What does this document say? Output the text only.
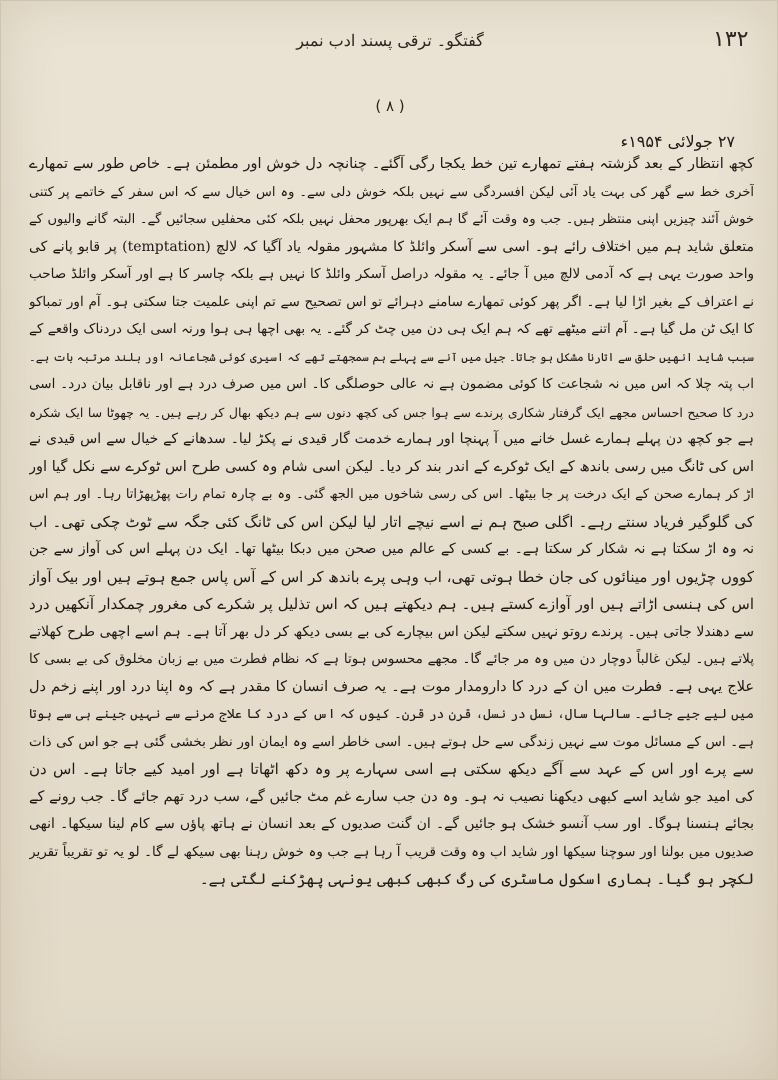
۱۳۲
گفتگو۔ ترقی پسند ادب نمبر
( ۸ )
۲۷ جولائی ۱۹۵۴ء
کچھ انتظار کے بعد گزشتہ ہفتے تمھارے تین خط یکجا رگی آگئے۔ چنانچہ دل خوش اور مطمئن ہے۔ خاص طور سے تمھارے
آخری خط سے گھر کی بہت یاد آئی لیکن افسردگی سے نہیں بلکہ خوش دلی سے۔ وہ اس خیال سے کہ اس سفر کے خاتمے پر کتنی
خوش آئند چیزیں اپنی منتظر ہیں۔ جب وہ وقت آئے گا ہم ایک بھرپور محفل نہیں بلکہ کئی محفلیں سجائیں گے۔ البتہ گانے والیوں کے
متعلق شاید ہم میں اختلاف رائے ہو۔ اسی سے آسکر وائلڈ کا مشہور مقولہ یاد آگیا کہ لالچ (temptation) پر قابو پانے کی
واحد صورت یہی ہے کہ آدمی لالچ میں آ جائے۔ یہ مقولہ دراصل آسکر وائلڈ کا نہیں ہے بلکہ چاسر کا ہے اور آسکر وائلڈ صاحب
نے اعتراف کے بغیر اڑا لیا ہے۔ اگر پھر کوئی تمھارے سامنے دہرائے تو اس تصحیح سے تم اپنی علمیت جتا سکتی ہو۔ آم اور تمباکو
کا ایک ٹن مل گیا ہے۔ آم اتنے میٹھے تھے کہ ہم ایک ہی دن میں چٹ کر گئے۔ یہ بھی اچھا ہی ہوا ورنہ اسی ایک دردناک واقعے کے
سبب شاید انھیں حلق سے اتارنا مشکل ہو جاتا۔ جیل میں آنے سے پہلے ہم سمجھتے تھے کہ اسیری کوئی شجاعانہ اور بلند مرتبہ بات ہے۔
اب پتہ چلا کہ اس میں نہ شجاعت کا کوئی مضمون ہے نہ عالی حوصلگی کا۔ اس میں صرف درد ہے اور ناقابل بیان درد۔ اسی
درد کا صحیح احساس مجھے ایک گرفتار شکاری پرندے سے ہوا جس کی کچھ دنوں سے ہم دیکھ بھال کر رہے ہیں۔ یہ چھوٹا سا ایک شکرہ
ہے جو کچھ دن پہلے ہمارے غسل خانے میں آ پہنچا اور ہمارے خدمت گار قیدی نے پکڑ لیا۔ سدھانے کے خیال سے اس قیدی نے
اس کی ٹانگ میں رسی باندھ کے ایک ٹوکرے کے اندر بند کر دیا۔ لیکن اسی شام وہ کسی طرح اس ٹوکرے سے نکل گیا اور
اڑ کر ہمارے صحن کے ایک درخت پر جا بیٹھا۔ اس کی رسی شاخوں میں الجھ گئی۔ وہ بے چارہ تمام رات پھڑپھڑاتا رہا۔ اور ہم اس
کی گلوگیر فریاد سنتے رہے۔ اگلی صبح ہم نے اسے نیچے اتار لیا لیکن اس کی ٹانگ کئی جگہ سے ٹوٹ چکی تھی۔ اب
نہ وہ اڑ سکتا ہے نہ شکار کر سکتا ہے۔ بے کسی کے عالم میں صحن میں دبکا بیٹھا تھا۔ ایک دن پہلے اس کی آواز سے جن
کووں چڑیوں اور مینائوں کی جان خطا ہوتی تھی، اب وہی پرے باندھ کر اس کے آس پاس جمع ہوتے ہیں اور بیک آواز
اس کی ہنسی اڑاتے ہیں اور آوازے کستے ہیں۔ ہم دیکھتے ہیں کہ اس تذلیل پر شکرے کی مغرور چمکدار آنکھیں درد
سے دھندلا جاتی ہیں۔ پرندے روتو نہیں سکتے لیکن اس بیچارے کی بے بسی دیکھ کر دل بھر آتا ہے۔ ہم اسے اچھی طرح کھلاتے
پلاتے ہیں۔ لیکن غالباً دوچار دن میں وہ مر جائے گا۔ مجھے محسوس ہوتا ہے کہ نظام فطرت میں بے زبان مخلوق کی بے بسی کا
علاج یہی ہے۔ فطرت میں ان کے درد کا دارومدار موت ہے۔ یہ صرف انسان کا مقدر ہے کہ وہ اپنا درد اور اپنے زخم دل
میں لیے جیے جائے۔ سالہا سال، نسل در نسل، قرن در قرن۔ کیوں کہ اس کے درد کا علاج مرنے سے نہیں جینے ہی سے ہوتا
ہے۔ اس کے مسائل موت سے نہیں زندگی سے حل ہوتے ہیں۔ اسی خاطر اسے وہ ایمان اور نظر بخشی گئی ہے جو اس کی ذات
سے پرے اور اس کے عہد سے آگے دیکھ سکتی ہے اسی سہارے پر وہ دکھ اٹھاتا ہے اور امید کیے جاتا ہے۔ اس دن
کی امید جو شاید اسے کبھی دیکھنا نصیب نہ ہو۔ وہ دن جب سارے غم مٹ جائیں گے، سب درد تھم جائے گا۔ جب رونے کے
بجائے ہنسنا ہوگا۔ اور سب آنسو خشک ہو جائیں گے۔ ان گنت صدیوں کے بعد انسان نے ہاتھ پاؤں سے کام لینا سیکھا۔ انھی
صدیوں میں بولنا اور سوچنا سیکھا اور شاید اب وہ وقت قریب آ رہا ہے جب وہ خوش رہنا بھی سیکھ لے گا۔ لو یہ تو تقریباً تقریر
لکچر ہو گیا۔ ہماری اسکول ماسٹری کی رگ کبھی کبھی یونہی پھڑکنے لگتی ہے۔
